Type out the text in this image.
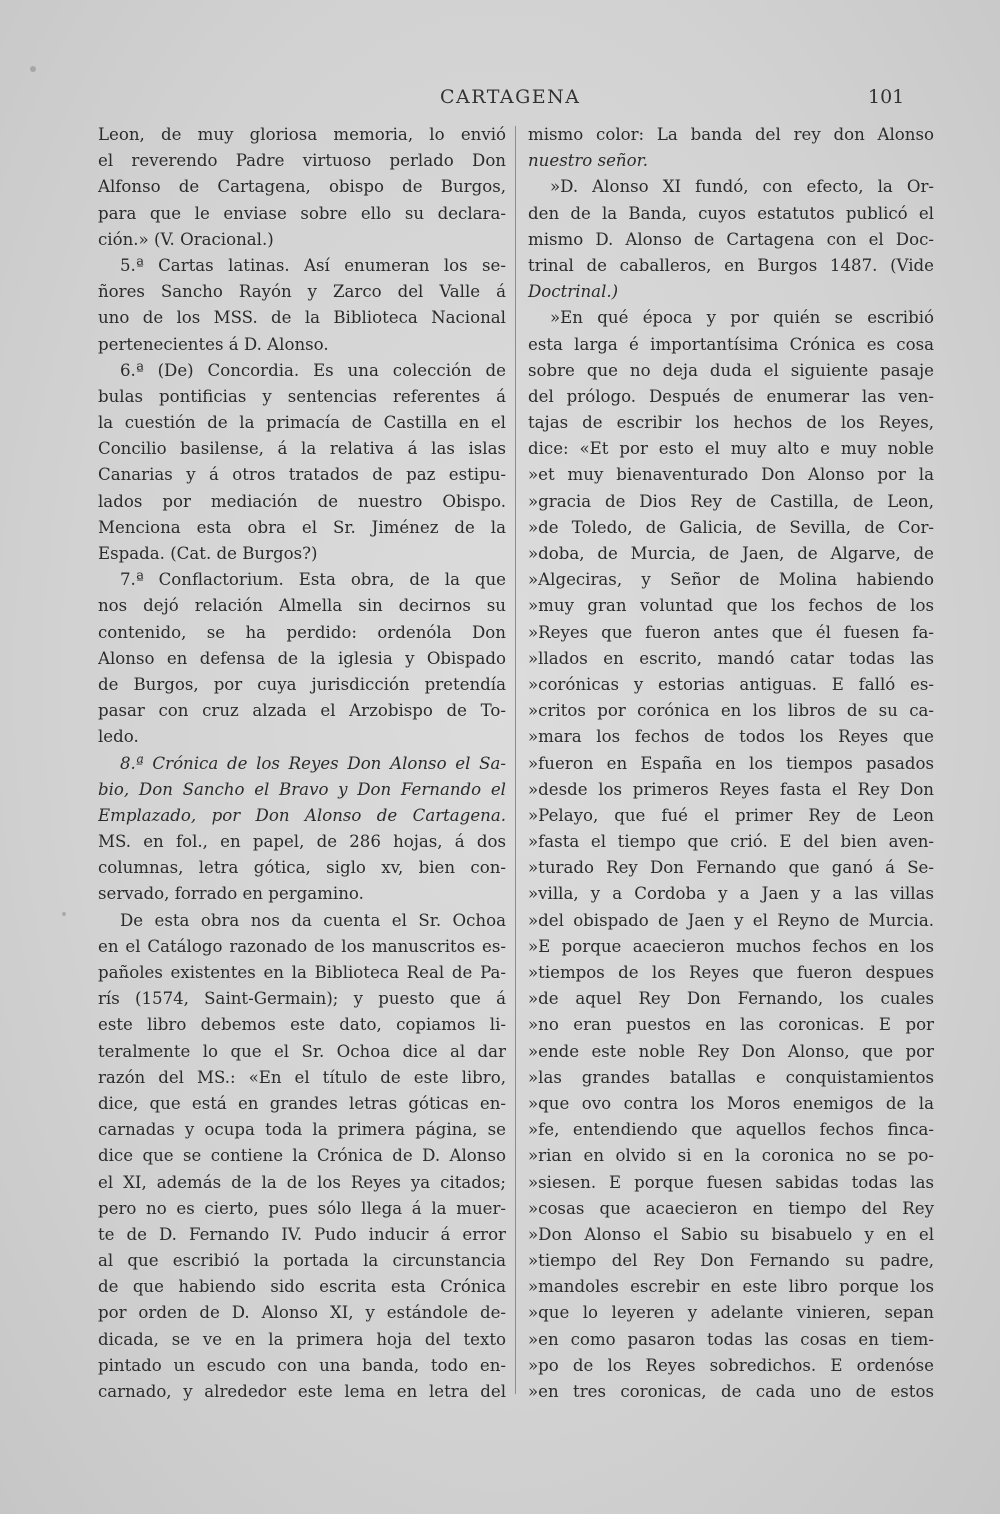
CARTAGENA	101
Leon, de muy gloriosa memoria, lo envió
el reverendo Padre virtuoso perlado Don
Alfonso de Cartagena, obispo de Burgos,
para que le enviase sobre ello su declara-
ción.» (V. Oracional.)
5.ª Cartas latinas. Así enumeran los se-
ñores Sancho Rayón y Zarco del Valle á
uno de los MSS. de la Biblioteca Nacional
pertenecientes á D. Alonso.
6.ª (De) Concordia. Es una colección de
bulas pontificias y sentencias referentes á
la cuestión de la primacía de Castilla en el
Concilio basilense, á la relativa á las islas
Canarias y á otros tratados de paz estipu-
lados por mediación de nuestro Obispo.
Menciona esta obra el Sr. Jiménez de la
Espada. (Cat. de Burgos?)
7.ª Conflactorium. Esta obra, de la que
nos dejó relación Almella sin decirnos su
contenido, se ha perdido: ordenóla Don
Alonso en defensa de la iglesia y Obispado
de Burgos, por cuya jurisdicción pretendía
pasar con cruz alzada el Arzobispo de To-
ledo.
8.ª Crónica de los Reyes Don Alonso el Sa-
bio, Don Sancho el Bravo y Don Fernando el
Emplazado, por Don Alonso de Cartagena.
MS. en fol., en papel, de 286 hojas, á dos
columnas, letra gótica, siglo xv, bien con-
servado, forrado en pergamino.
De esta obra nos da cuenta el Sr. Ochoa
en el Catálogo razonado de los manuscritos es-
pañoles existentes en la Biblioteca Real de Pa-
rís (1574, Saint-Germain); y puesto que á
este libro debemos este dato, copiamos li-
teralmente lo que el Sr. Ochoa dice al dar
razón del MS.: «En el título de este libro,
dice, que está en grandes letras góticas en-
carnadas y ocupa toda la primera página, se
dice que se contiene la Crónica de D. Alonso
el XI, además de la de los Reyes ya citados;
pero no es cierto, pues sólo llega á la muer-
te de D. Fernando IV. Pudo inducir á error
al que escribió la portada la circunstancia
de que habiendo sido escrita esta Crónica
por orden de D. Alonso XI, y estándole de-
dicada, se ve en la primera hoja del texto
pintado un escudo con una banda, todo en-
carnado, y alrededor este lema en letra del
mismo color: La banda del rey don Alonso
nuestro señor.
»D. Alonso XI fundó, con efecto, la Or-
den de la Banda, cuyos estatutos publicó el
mismo D. Alonso de Cartagena con el Doc-
trinal de caballeros, en Burgos 1487. (Vide
Doctrinal.)
»En qué época y por quién se escribió
esta larga é importantísima Crónica es cosa
sobre que no deja duda el siguiente pasaje
del prólogo. Después de enumerar las ven-
tajas de escribir los hechos de los Reyes,
dice: «Et por esto el muy alto e muy noble
»et muy bienaventurado Don Alonso por la
»gracia de Dios Rey de Castilla, de Leon,
»de Toledo, de Galicia, de Sevilla, de Cor-
»doba, de Murcia, de Jaen, de Algarve, de
»Algeciras, y Señor de Molina habiendo
»muy gran voluntad que los fechos de los
»Reyes que fueron antes que él fuesen fa-
»llados en escrito, mandó catar todas las
»corónicas y estorias antiguas. E falló es-
»critos por corónica en los libros de su ca-
»mara los fechos de todos los Reyes que
»fueron en España en los tiempos pasados
»desde los primeros Reyes fasta el Rey Don
»Pelayo, que fué el primer Rey de Leon
»fasta el tiempo que crió. E del bien aven-
»turado Rey Don Fernando que ganó á Se-
»villa, y a Cordoba y a Jaen y a las villas
»del obispado de Jaen y el Reyno de Murcia.
»E porque acaecieron muchos fechos en los
»tiempos de los Reyes que fueron despues
»de aquel Rey Don Fernando, los cuales
»no eran puestos en las coronicas. E por
»ende este noble Rey Don Alonso, que por
»las grandes batallas e conquistamientos
»que ovo contra los Moros enemigos de la
»fe, entendiendo que aquellos fechos finca-
»rian en olvido si en la coronica no se po-
»siesen. E porque fuesen sabidas todas las
»cosas que acaecieron en tiempo del Rey
»Don Alonso el Sabio su bisabuelo y en el
»tiempo del Rey Don Fernando su padre,
»mandoles escrebir en este libro porque los
»que lo leyeren y adelante vinieren, sepan
»en como pasaron todas las cosas en tiem-
»po de los Reyes sobredichos. E ordenóse
»en tres coronicas, de cada uno de estos
